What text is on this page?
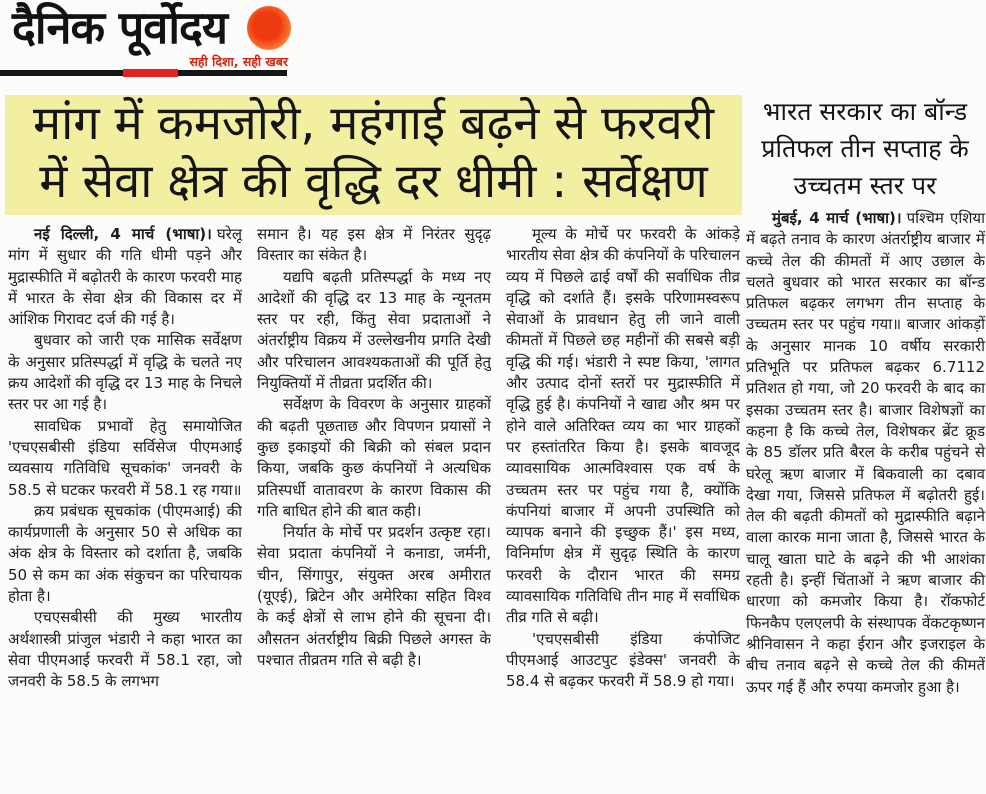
दैनिक पूर्वोदय
सही दिशा, सही खबर
मांग में कमजोरी, महंगाई बढ़ने से फरवरी
में सेवा क्षेत्र की वृद्धि दर धीमी : सर्वेक्षण

नई दिल्ली, 4 मार्च (भाषा)। घरेलू मांग में सुधार की गति धीमी पड़ने और मुद्रास्फीति में बढ़ोतरी के कारण फरवरी माह में भारत के सेवा क्षेत्र की विकास दर में आंशिक गिरावट दर्ज की गई है।

बुधवार को जारी एक मासिक सर्वेक्षण के अनुसार प्रतिस्पर्द्धा में वृद्धि के चलते नए क्रय आदेशों की वृद्धि दर 13 माह के निचले स्तर पर आ गई है।

सावधिक प्रभावों हेतु समायोजित 'एचएसबीसी इंडिया सर्विसेज पीएमआई व्यवसाय गतिविधि सूचकांक' जनवरी के 58.5 से घटकर फरवरी में 58.1 रह गया॥

क्रय प्रबंधक सूचकांक (पीएमआई) की कार्यप्रणाली के अनुसार 50 से अधिक का अंक क्षेत्र के विस्तार को दर्शाता है, जबकि 50 से कम का अंक संकुचन का परिचायक होता है।

एचएसबीसी की मुख्य भारतीय अर्थशास्त्री प्रांजुल भंडारी ने कहा भारत का सेवा पीएमआई फरवरी में 58.1 रहा, जो जनवरी के 58.5 के लगभग

समान है। यह इस क्षेत्र में निरंतर सुदृढ़ विस्तार का संकेत है।

यद्यपि बढ़ती प्रतिस्पर्द्धा के मध्य नए आदेशों की वृद्धि दर 13 माह के न्यूनतम स्तर पर रही, किंतु सेवा प्रदाताओं ने अंतर्राष्ट्रीय विक्रय में उल्लेखनीय प्रगति देखी और परिचालन आवश्यकताओं की पूर्ति हेतु नियुक्तियों में तीव्रता प्रदर्शित की।

सर्वेक्षण के विवरण के अनुसार ग्राहकों की बढ़ती पूछताछ और विपणन प्रयासों ने कुछ इकाइयों की बिक्री को संबल प्रदान किया, जबकि कुछ कंपनियों ने अत्यधिक प्रतिस्पर्धी वातावरण के कारण विकास की गति बाधित होने की बात कही।

निर्यात के मोर्चे पर प्रदर्शन उत्कृष्ट रहा। सेवा प्रदाता कंपनियों ने कनाडा, जर्मनी, चीन, सिंगापुर, संयुक्त अरब अमीरात (यूएई), ब्रिटेन और अमेरिका सहित विश्व के कई क्षेत्रों से लाभ होने की सूचना दी। औसतन अंतर्राष्ट्रीय बिक्री पिछले अगस्त के पश्चात तीव्रतम गति से बढ़ी है।

मूल्य के मोर्चे पर फरवरी के आंकड़े भारतीय सेवा क्षेत्र की कंपनियों के परिचालन व्यय में पिछले ढाई वर्षों की सर्वाधिक तीव्र वृद्धि को दर्शाते हैं। इसके परिणामस्वरूप सेवाओं के प्रावधान हेतु ली जाने वाली कीमतों में पिछले छह महीनों की सबसे बड़ी वृद्धि की गई। भंडारी ने स्पष्ट किया, 'लागत और उत्पाद दोनों स्तरों पर मुद्रास्फीति में वृद्धि हुई है। कंपनियों ने खाद्य और श्रम पर होने वाले अतिरिक्त व्यय का भार ग्राहकों पर हस्तांतरित किया है। इसके बावजूद व्यावसायिक आत्मविश्वास एक वर्ष के उच्चतम स्तर पर पहुंच गया है, क्योंकि कंपनियां बाजार में अपनी उपस्थिति को व्यापक बनाने की इच्छुक हैं।' इस मध्य, विनिर्माण क्षेत्र में सुदृढ़ स्थिति के कारण फरवरी के दौरान भारत की समग्र व्यावसायिक गतिविधि तीन माह में सर्वाधिक तीव्र गति से बढ़ी।

'एचएसबीसी इंडिया कंपोजिट पीएमआई आउटपुट इंडेक्स' जनवरी के 58.4 से बढ़कर फरवरी में 58.9 हो गया।

भारत सरकार का बॉन्ड
प्रतिफल तीन सप्ताह के
उच्चतम स्तर पर

मुंबई, 4 मार्च (भाषा)। पश्चिम एशिया में बढ़ते तनाव के कारण अंतर्राष्ट्रीय बाजार में कच्चे तेल की कीमतों में आए उछाल के चलते बुधवार को भारत सरकार का बॉन्ड प्रतिफल बढ़कर लगभग तीन सप्ताह के उच्चतम स्तर पर पहुंच गया॥ बाजार आंकड़ों के अनुसार मानक 10 वर्षीय सरकारी प्रतिभूति पर प्रतिफल बढ़कर 6.7112 प्रतिशत हो गया, जो 20 फरवरी के बाद का इसका उच्चतम स्तर है। बाजार विशेषज्ञों का कहना है कि कच्चे तेल, विशेषकर ब्रेंट क्रूड के 85 डॉलर प्रति बैरल के करीब पहुंचने से घरेलू ऋण बाजार में बिकवाली का दबाव देखा गया, जिससे प्रतिफल में बढ़ोतरी हुई। तेल की बढ़ती कीमतों को मुद्रास्फीति बढ़ाने वाला कारक माना जाता है, जिससे भारत के चालू खाता घाटे के बढ़ने की भी आशंका रहती है। इन्हीं चिंताओं ने ऋण बाजार की धारणा को कमजोर किया है। रॉकफोर्ट फिनकैप एलएलपी के संस्थापक वेंकटकृष्णन श्रीनिवासन ने कहा ईरान और इजराइल के बीच तनाव बढ़ने से कच्चे तेल की कीमतें ऊपर गई हैं और रुपया कमजोर हुआ है।
